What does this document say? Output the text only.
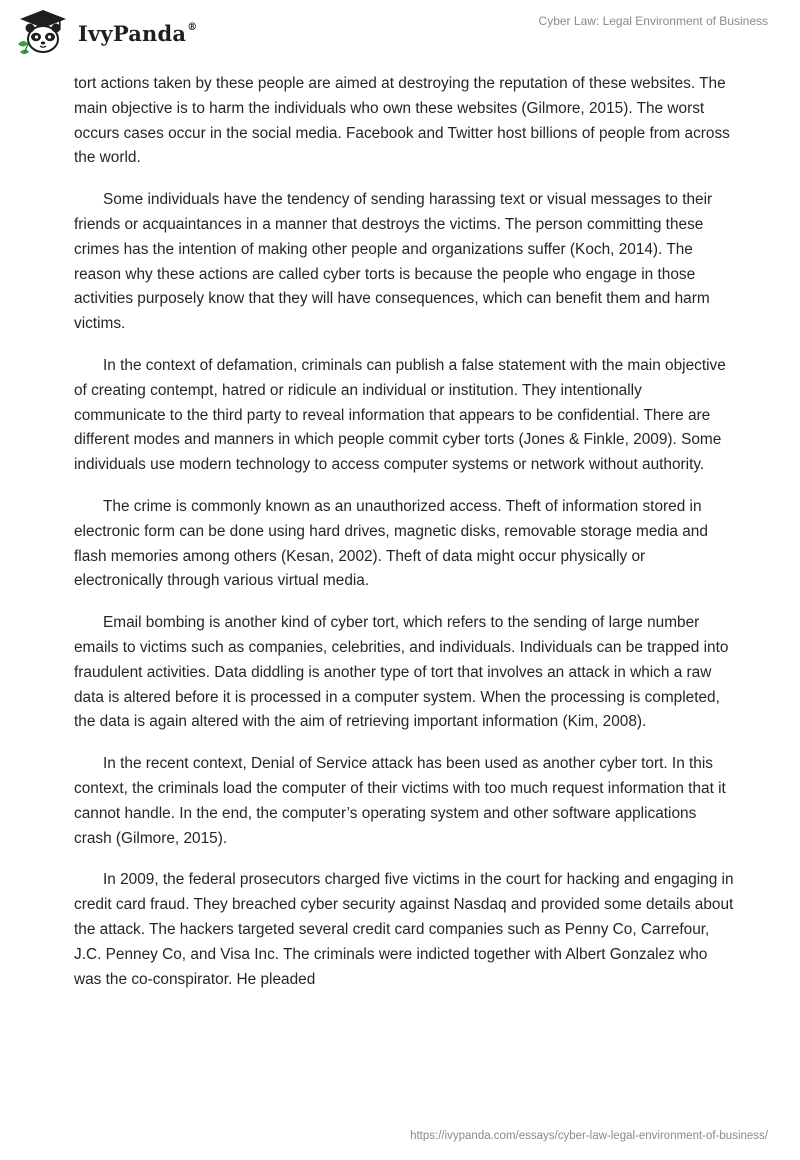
IvyPanda®	Cyber Law: Legal Environment of Business

tort actions taken by these people are aimed at destroying the reputation of these websites. The main objective is to harm the individuals who own these websites (Gilmore, 2015). The worst occurs cases occur in the social media. Facebook and Twitter host billions of people from across the world.

Some individuals have the tendency of sending harassing text or visual messages to their friends or acquaintances in a manner that destroys the victims. The person committing these crimes has the intention of making other people and organizations suffer (Koch, 2014). The reason why these actions are called cyber torts is because the people who engage in those activities purposely know that they will have consequences, which can benefit them and harm victims.

In the context of defamation, criminals can publish a false statement with the main objective of creating contempt, hatred or ridicule an individual or institution. They intentionally communicate to the third party to reveal information that appears to be confidential. There are different modes and manners in which people commit cyber torts (Jones & Finkle, 2009). Some individuals use modern technology to access computer systems or network without authority.

The crime is commonly known as an unauthorized access. Theft of information stored in electronic form can be done using hard drives, magnetic disks, removable storage media and flash memories among others (Kesan, 2002). Theft of data might occur physically or electronically through various virtual media.

Email bombing is another kind of cyber tort, which refers to the sending of large number emails to victims such as companies, celebrities, and individuals. Individuals can be trapped into fraudulent activities. Data diddling is another type of tort that involves an attack in which a raw data is altered before it is processed in a computer system. When the processing is completed, the data is again altered with the aim of retrieving important information (Kim, 2008).

In the recent context, Denial of Service attack has been used as another cyber tort. In this context, the criminals load the computer of their victims with too much request information that it cannot handle. In the end, the computer’s operating system and other software applications crash (Gilmore, 2015).

In 2009, the federal prosecutors charged five victims in the court for hacking and engaging in credit card fraud. They breached cyber security against Nasdaq and provided some details about the attack. The hackers targeted several credit card companies such as Penny Co, Carrefour, J.C. Penney Co, and Visa Inc. The criminals were indicted together with Albert Gonzalez who was the co-conspirator. He pleaded

https://ivypanda.com/essays/cyber-law-legal-environment-of-business/
